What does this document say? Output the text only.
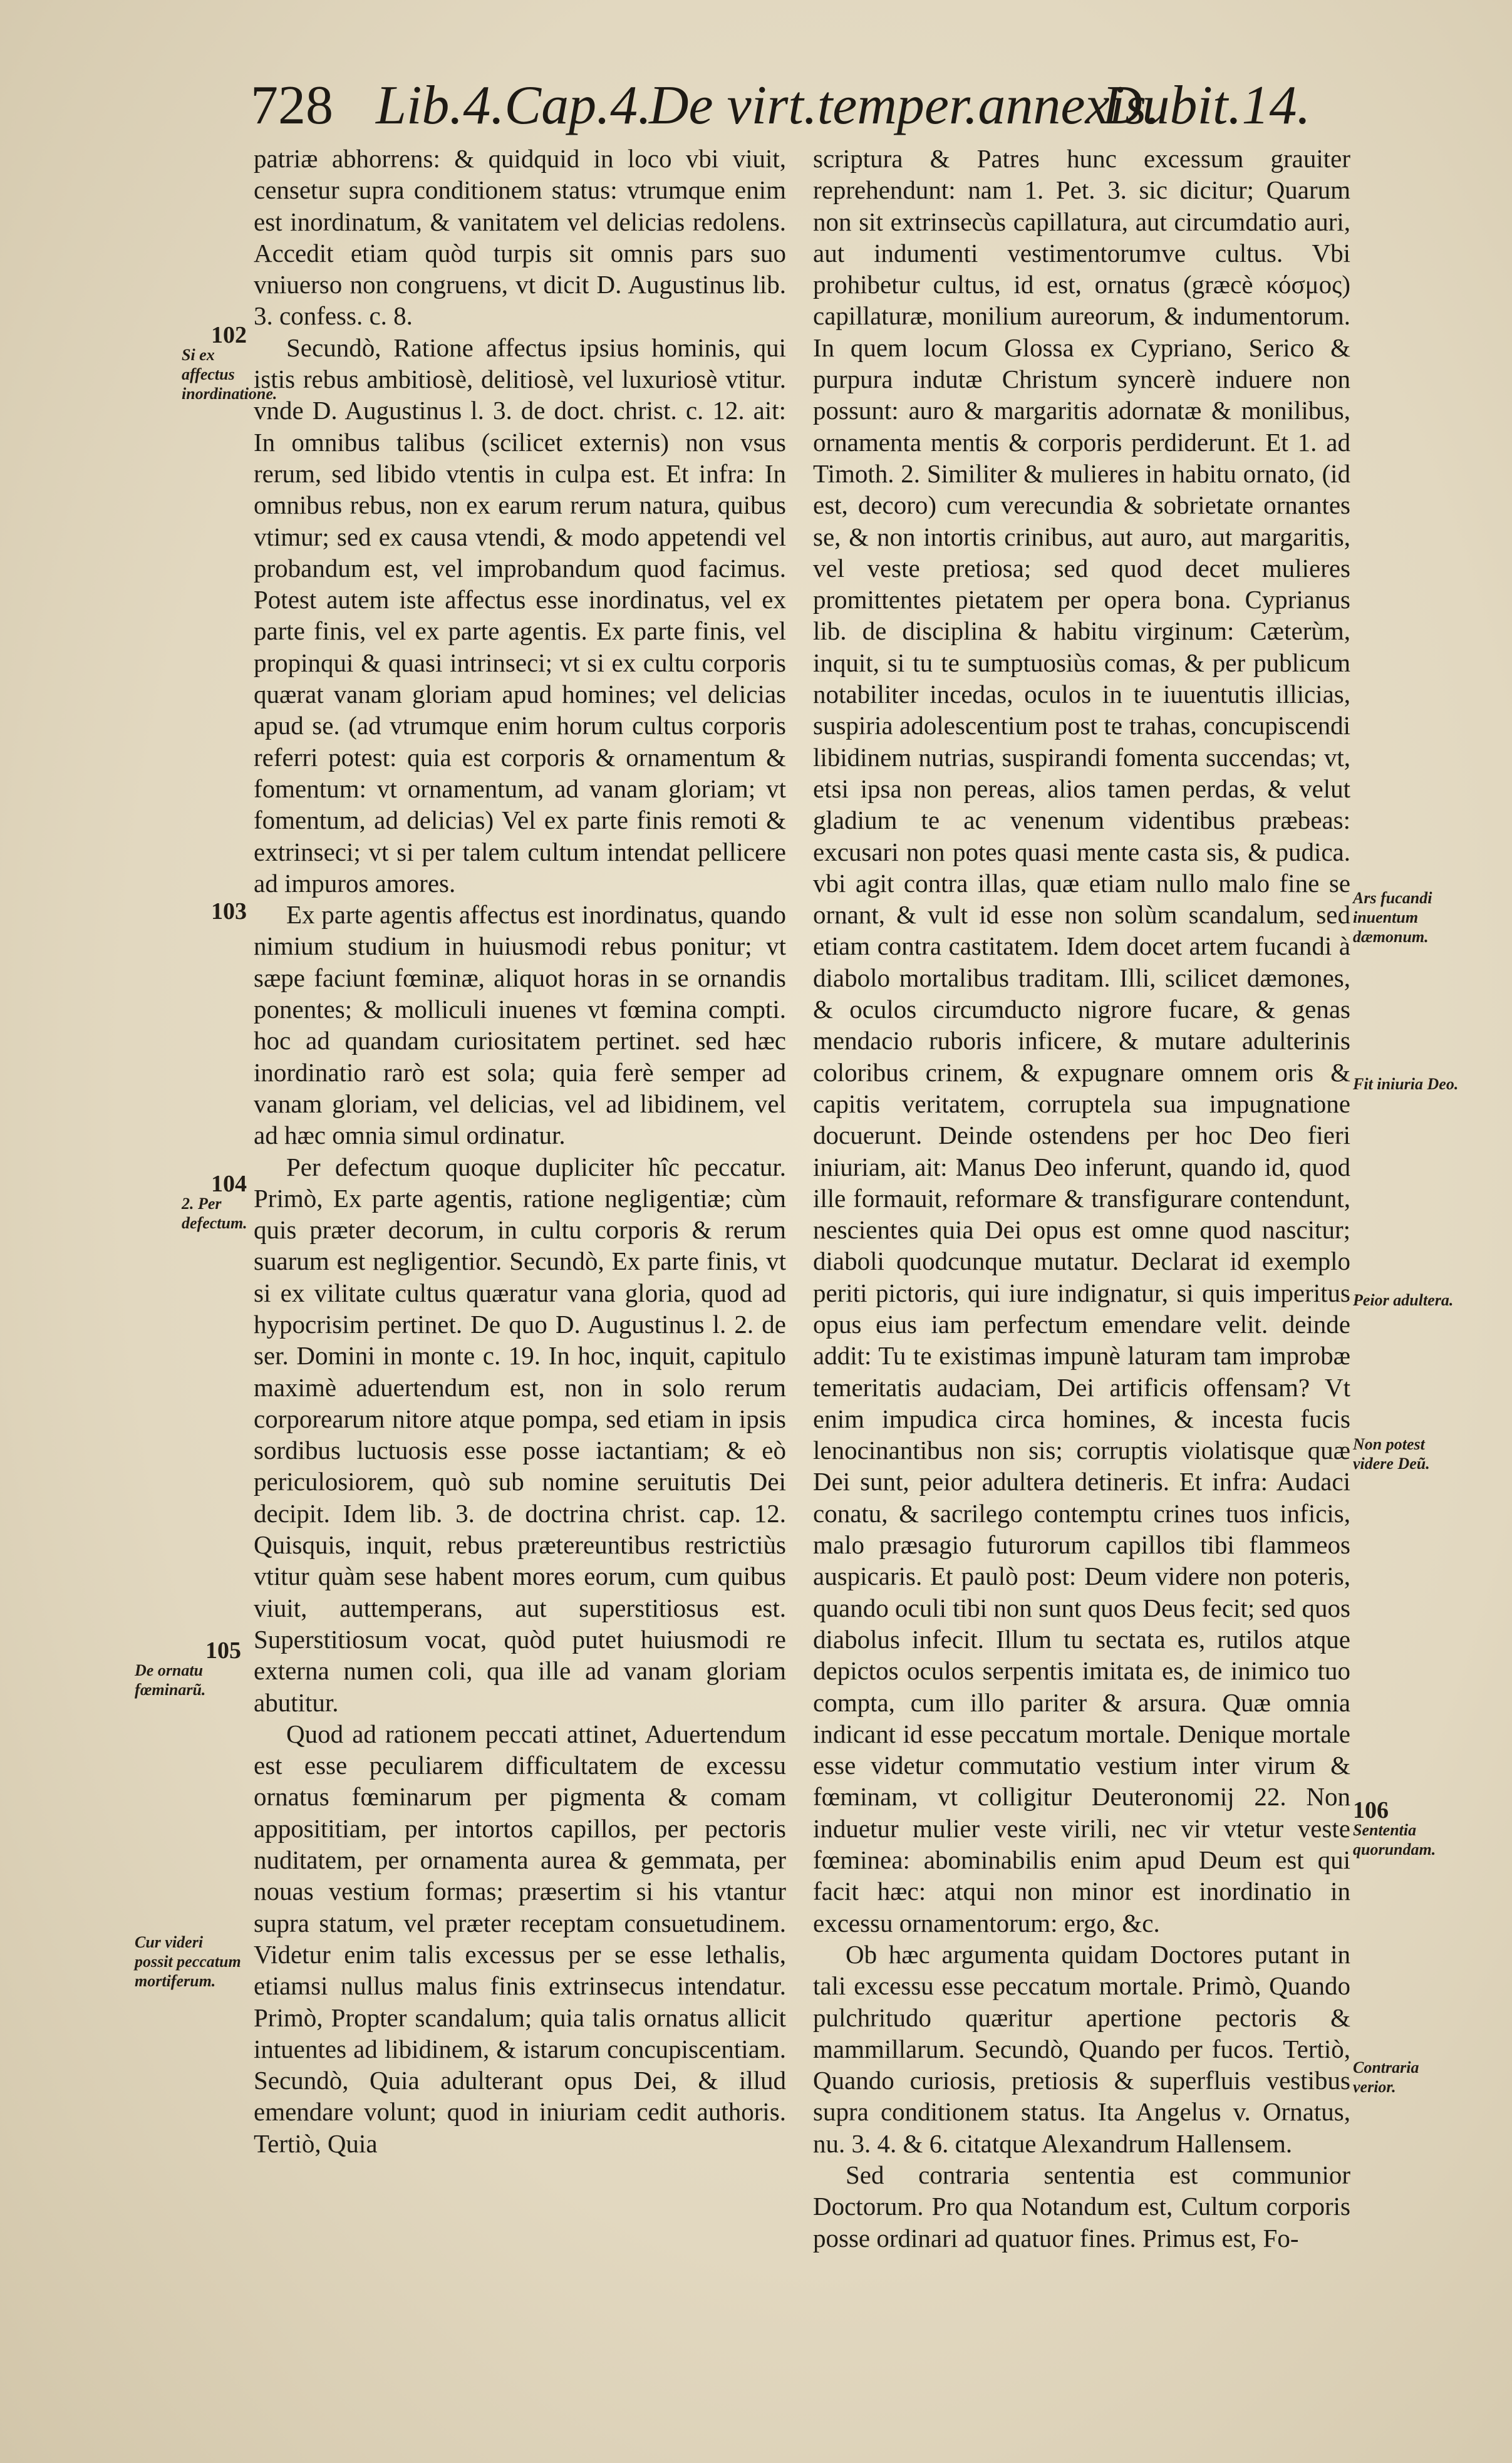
728 Lib.4.Cap.4.
De virt.temper.annexis.
Dubit.14.

patriæ abhorrens: & quidquid in loco vbi viuit, censetur supra conditionem status: vtrumque enim est inordinatum, & vanitatem vel delicias redolens. Accedit etiam quòd turpis sit omnis pars suo vniuerso non congruens, vt dicit D. Augustinus lib. 3. confess. c. 8.

Secundò, Ratione affectus ipsius hominis, qui istis rebus ambitiosè, delitiosè, vel luxuriosè vtitur. vnde D. Augustinus l. 3. de doct. christ. c. 12. ait: In omnibus talibus (scilicet externis) non vsus rerum, sed libido vtentis in culpa est. Et infra: In omnibus rebus, non ex earum rerum natura, quibus vtimur; sed ex causa vtendi, & modo appetendi vel probandum est, vel improbandum quod facimus. Potest autem iste affectus esse inordinatus, vel ex parte finis, vel ex parte agentis. Ex parte finis, vel propinqui & quasi intrinseci; vt si ex cultu corporis quærat vanam gloriam apud homines; vel delicias apud se. (ad vtrumque enim horum cultus corporis referri potest: quia est corporis & ornamentum & fomentum: vt ornamentum, ad vanam gloriam; vt fomentum, ad delicias) Vel ex parte finis remoti & extrinseci; vt si per talem cultum intendat pellicere ad impuros amores.

Ex parte agentis affectus est inordinatus, quando nimium studium in huiusmodi rebus ponitur; vt sæpe faciunt fœminæ, aliquot horas in se ornandis ponentes; & molliculi inuenes vt fœmina compti. hoc ad quandam curiositatem pertinet. sed hæc inordinatio rarò est sola; quia ferè semper ad vanam gloriam, vel delicias, vel ad libidinem, vel ad hæc omnia simul ordinatur.

Per defectum quoque dupliciter hîc peccatur. Primò, Ex parte agentis, ratione negligentiæ; cùm quis præter decorum, in cultu corporis & rerum suarum est negligentior. Secundò, Ex parte finis, vt si ex vilitate cultus quæratur vana gloria, quod ad hypocrisim pertinet. De quo D. Augustinus l. 2. de ser. Domini in monte c. 19. In hoc, inquit, capitulo maximè aduertendum est, non in solo rerum corporearum nitore atque pompa, sed etiam in ipsis sordibus luctuosis esse posse iactantiam; & eò periculosiorem, quò sub nomine seruitutis Dei decipit. Idem lib. 3. de doctrina christ. cap. 12. Quisquis, inquit, rebus prætereuntibus restrictiùs vtitur quàm sese habent mores eorum, cum quibus viuit, auttemperans, aut superstitiosus est. Superstitiosum vocat, quòd putet huiusmodi re externa numen coli, qua ille ad vanam gloriam abutitur.

Quod ad rationem peccati attinet, Aduertendum est esse peculiarem difficultatem de excessu ornatus fœminarum per pigmenta & comam apposititiam, per intortos capillos, per pectoris nuditatem, per ornamenta aurea & gemmata, per nouas vestium formas; præsertim si his vtantur supra statum, vel præter receptam consuetudinem. Videtur enim talis excessus per se esse lethalis, etiamsi nullus malus finis extrinsecus intendatur. Primò, Propter scandalum; quia talis ornatus allicit intuentes ad libidinem, & istarum concupiscentiam. Secundò, Quia adulterant opus Dei, & illud emendare volunt; quod in iniuriam cedit authoris. Tertiò, Quia

scriptura & Patres hunc excessum grauiter reprehendunt: nam 1. Pet. 3. sic dicitur; Quarum non sit extrinsecùs capillatura, aut circumdatio auri, aut indumenti vestimentorumve cultus. Vbi prohibetur cultus, id est, ornatus (græcè κόσμος) capillaturæ, monilium aureorum, & indumentorum. In quem locum Glossa ex Cypriano, Serico & purpura indutæ Christum syncerè induere non possunt: auro & margaritis adornatæ & monilibus, ornamenta mentis & corporis perdiderunt. Et 1. ad Timoth. 2. Similiter & mulieres in habitu ornato, (id est, decoro) cum verecundia & sobrietate ornantes se, & non intortis crinibus, aut auro, aut margaritis, vel veste pretiosa; sed quod decet mulieres promittentes pietatem per opera bona. Cyprianus lib. de disciplina & habitu virginum: Cæterùm, inquit, si tu te sumptuosiùs comas, & per publicum notabiliter incedas, oculos in te iuuentutis illicias, suspiria adolescentium post te trahas, concupiscendi libidinem nutrias, suspirandi fomenta succendas; vt, etsi ipsa non pereas, alios tamen perdas, & velut gladium te ac venenum videntibus præbeas: excusari non potes quasi mente casta sis, & pudica. vbi agit contra illas, quæ etiam nullo malo fine se ornant, & vult id esse non solùm scandalum, sed etiam contra castitatem. Idem docet artem fucandi à diabolo mortalibus traditam. Illi, scilicet dæmones, & oculos circumducto nigrore fucare, & genas mendacio ruboris inficere, & mutare adulterinis coloribus crinem, & expugnare omnem oris & capitis veritatem, corruptela sua impugnatione docuerunt. Deinde ostendens per hoc Deo fieri iniuriam, ait: Manus Deo inferunt, quando id, quod ille formauit, reformare & transfigurare contendunt, nescientes quia Dei opus est omne quod nascitur; diaboli quodcunque mutatur. Declarat id exemplo periti pictoris, qui iure indignatur, si quis imperitus opus eius iam perfectum emendare velit. deinde addit: Tu te existimas impunè laturam tam improbæ temeritatis audaciam, Dei artificis offensam? Vt enim impudica circa homines, & incesta fucis lenocinantibus non sis; corruptis violatisque quæ Dei sunt, peior adultera detineris. Et infra: Audaci conatu, & sacrilego contemptu crines tuos inficis, malo præsagio futurorum capillos tibi flammeos auspicaris. Et paulò post: Deum videre non poteris, quando oculi tibi non sunt quos Deus fecit; sed quos diabolus infecit. Illum tu sectata es, rutilos atque depictos oculos serpentis imitata es, de inimico tuo compta, cum illo pariter & arsura. Quæ omnia indicant id esse peccatum mortale. Denique mortale esse videtur commutatio vestium inter virum & fœminam, vt colligitur Deuteronomij 22. Non induetur mulier veste virili, nec vir vtetur veste fœminea: abominabilis enim apud Deum est qui facit hæc: atqui non minor est inordinatio in excessu ornamentorum: ergo, &c.

Ob hæc argumenta quidam Doctores putant in tali excessu esse peccatum mortale. Primò, Quando pulchritudo quæritur apertione pectoris & mammillarum. Secundò, Quando per fucos. Tertiò, Quando curiosis, pretiosis & superfluis vestibus supra conditionem status. Ita Angelus v. Ornatus, nu. 3. 4. & 6. citatque Alexandrum Hallensem.

Sed contraria sententia est communior Doctorum. Pro qua Notandum est, Cultum corporis posse ordinari ad quatuor fines. Primus est, Fo-

102
Si ex affectus inordinatione.
103
104
2. Per defectum.
105
De ornatu fœminarũ.
Cur videri possit peccatum mortiferum.
Ars fucandi inuentum dæmonum.
Fit iniuria Deo.
Peior adultera.
Non potest videre Deũ.
106
Sententia quorundam.
Contraria verior.
